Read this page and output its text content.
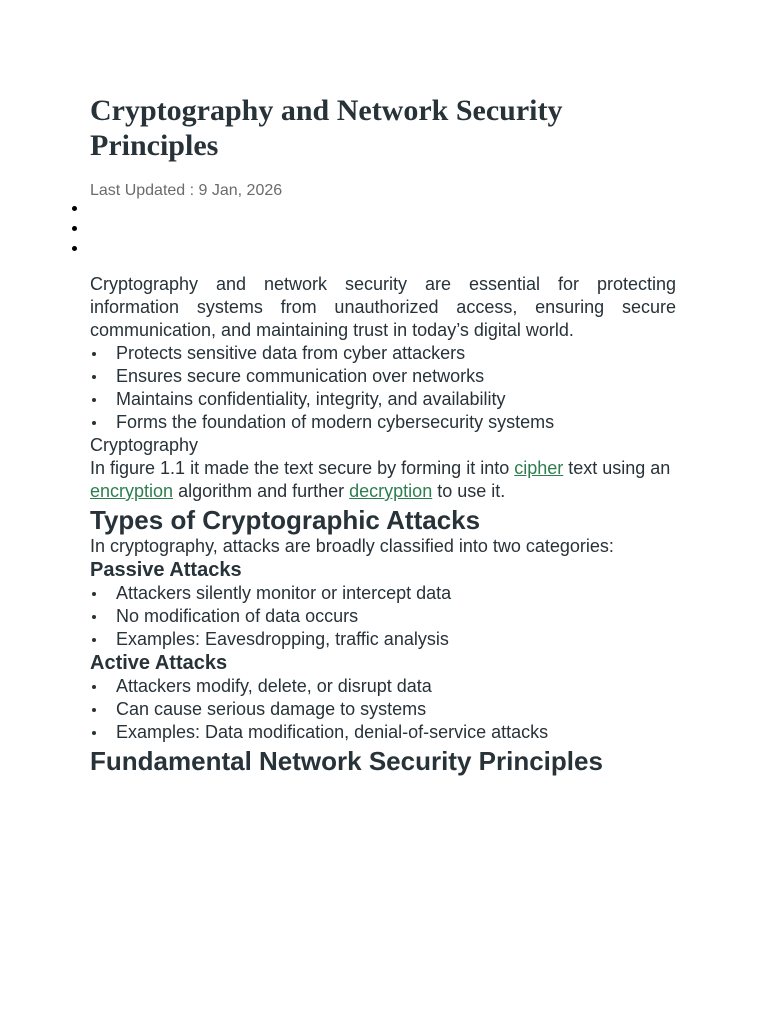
Cryptography and Network Security Principles
Last Updated : 9 Jan, 2026

Cryptography and network security are essential for protecting information systems from unauthorized access, ensuring secure communication, and maintaining trust in today’s digital world.

Protects sensitive data from cyber attackers
Ensures secure communication over networks
Maintains confidentiality, integrity, and availability
Forms the foundation of modern cybersecurity systems

Cryptography

In figure 1.1 it made the text secure by forming it into cipher text using an encryption algorithm and further decryption to use it.

Types of Cryptographic Attacks

In cryptography, attacks are broadly classified into two categories:

Passive Attacks
Attackers silently monitor or intercept data
No modification of data occurs
Examples: Eavesdropping, traffic analysis
Active Attacks
Attackers modify, delete, or disrupt data
Can cause serious damage to systems
Examples: Data modification, denial-of-service attacks
Fundamental Network Security Principles
